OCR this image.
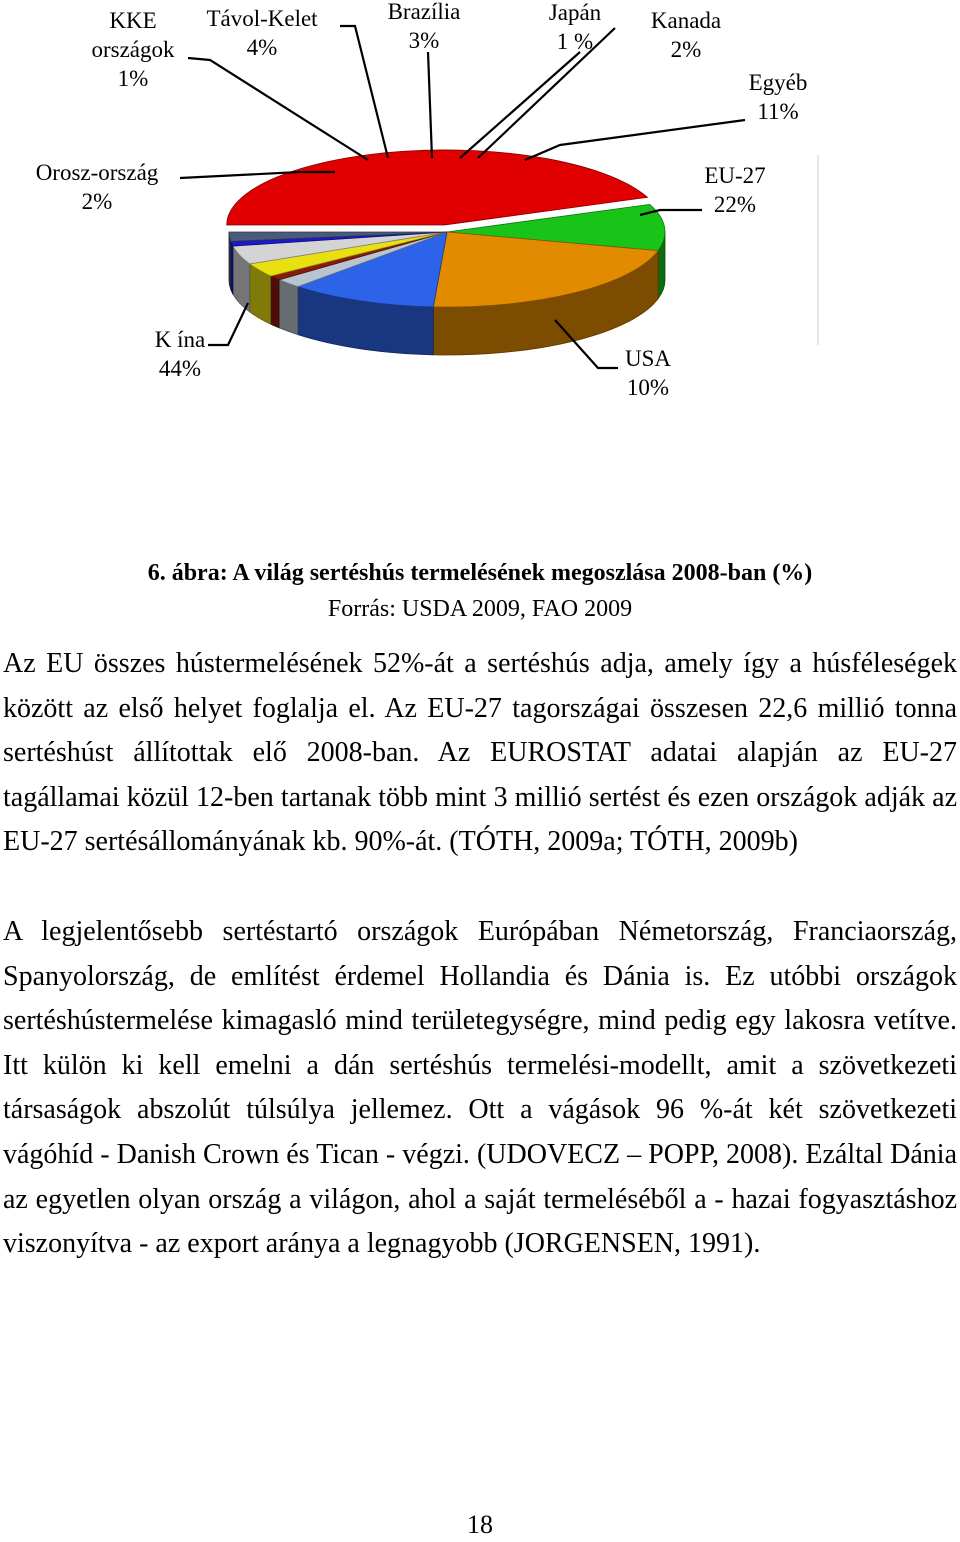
K ína
44%	USA
10%
EU-27
22%
Egyéb
11%
Kanada
2%
Japán
1 %
Brazília
3%
Távol-Kelet
4%
KKE
országok
1%
Orosz-ország
2%
6. ábra: A világ sertéshús termelésének megoszlása 2008-ban (%)
Forrás: USDA 2009, FAO 2009

Az EU összes hústermelésének 52%-át a sertéshús adja, amely így a húsféleségek között az első helyet foglalja el. Az EU-27 tagországai összesen 22,6 millió tonna sertéshúst állítottak elő 2008-ban. Az EUROSTAT adatai alapján az EU-27 tagállamai közül 12-ben tartanak több mint 3 millió sertést és ezen országok adják az EU-27 sertésállományának kb. 90%-át. (TÓTH, 2009a; TÓTH, 2009b)

A legjelentősebb sertéstartó országok Európában Németország, Franciaország, Spanyolország, de említést érdemel Hollandia és Dánia is. Ez utóbbi országok sertéshústermelése kimagasló mind területegységre, mind pedig egy lakosra vetítve. Itt külön ki kell emelni a dán sertéshús termelési-modellt, amit a szövetkezeti társaságok abszolút túlsúlya jellemez. Ott a vágások 96 %-át két szövetkezeti vágóhíd - Danish Crown és Tican - végzi. (UDOVECZ – POPP, 2008). Ezáltal Dánia az egyetlen olyan ország a világon, ahol a saját termeléséből a - hazai fogyasztáshoz viszonyítva - az export aránya a legnagyobb (JORGENSEN, 1991).

18
